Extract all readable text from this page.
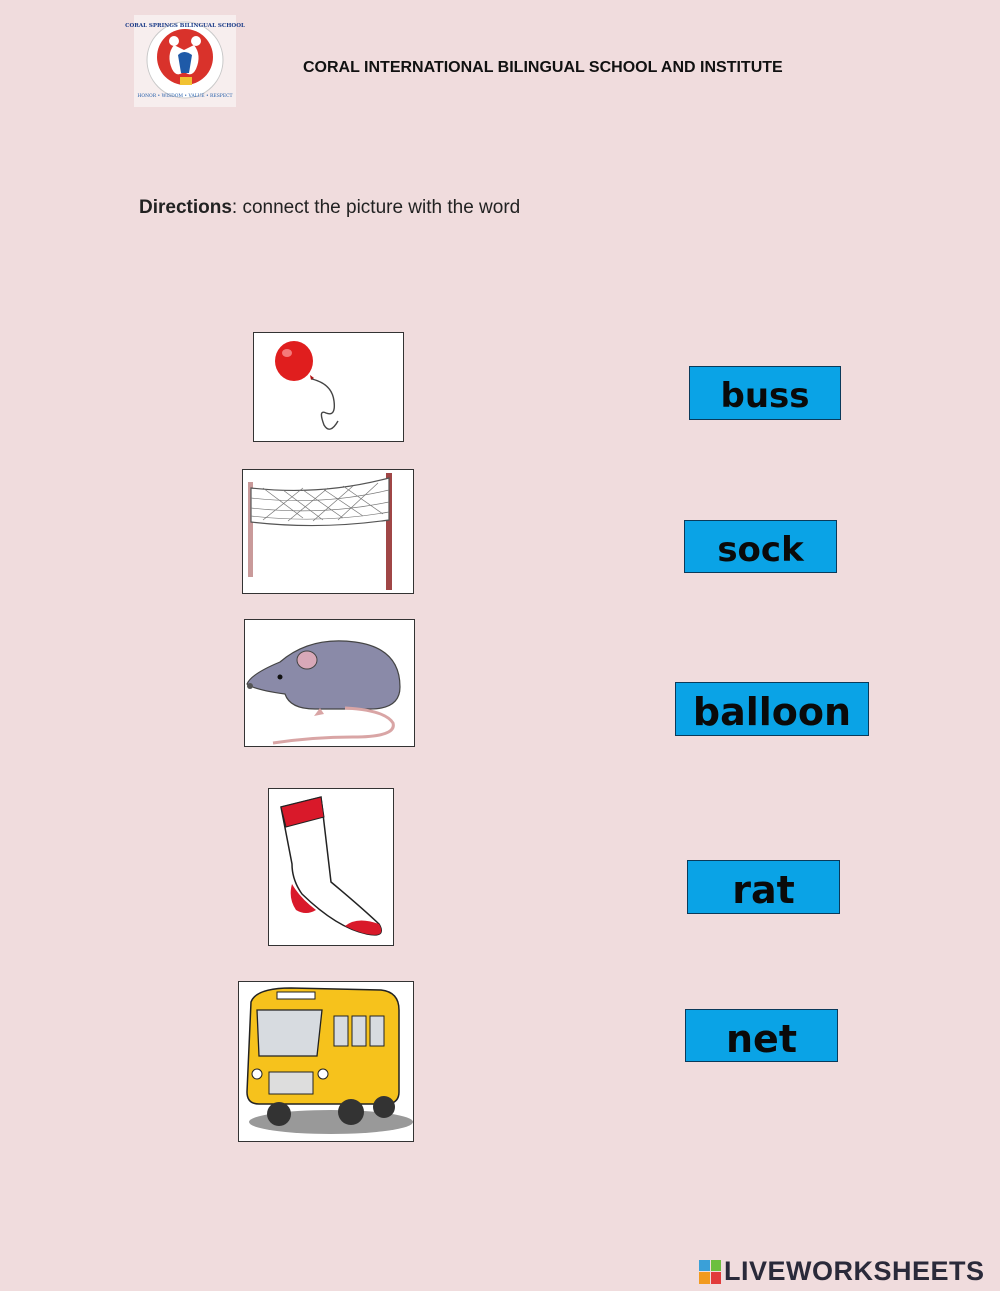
HONOR • WISDOM • VALUE • RESPECT
CORAL SPRINGS BILINGUAL SCHOOL
CORAL INTERNATIONAL BILINGUAL SCHOOL AND INSTITUTE
Directions: connect the picture with the word
buss
sock
balloon
rat
net
LIVEWORKSHEETS
